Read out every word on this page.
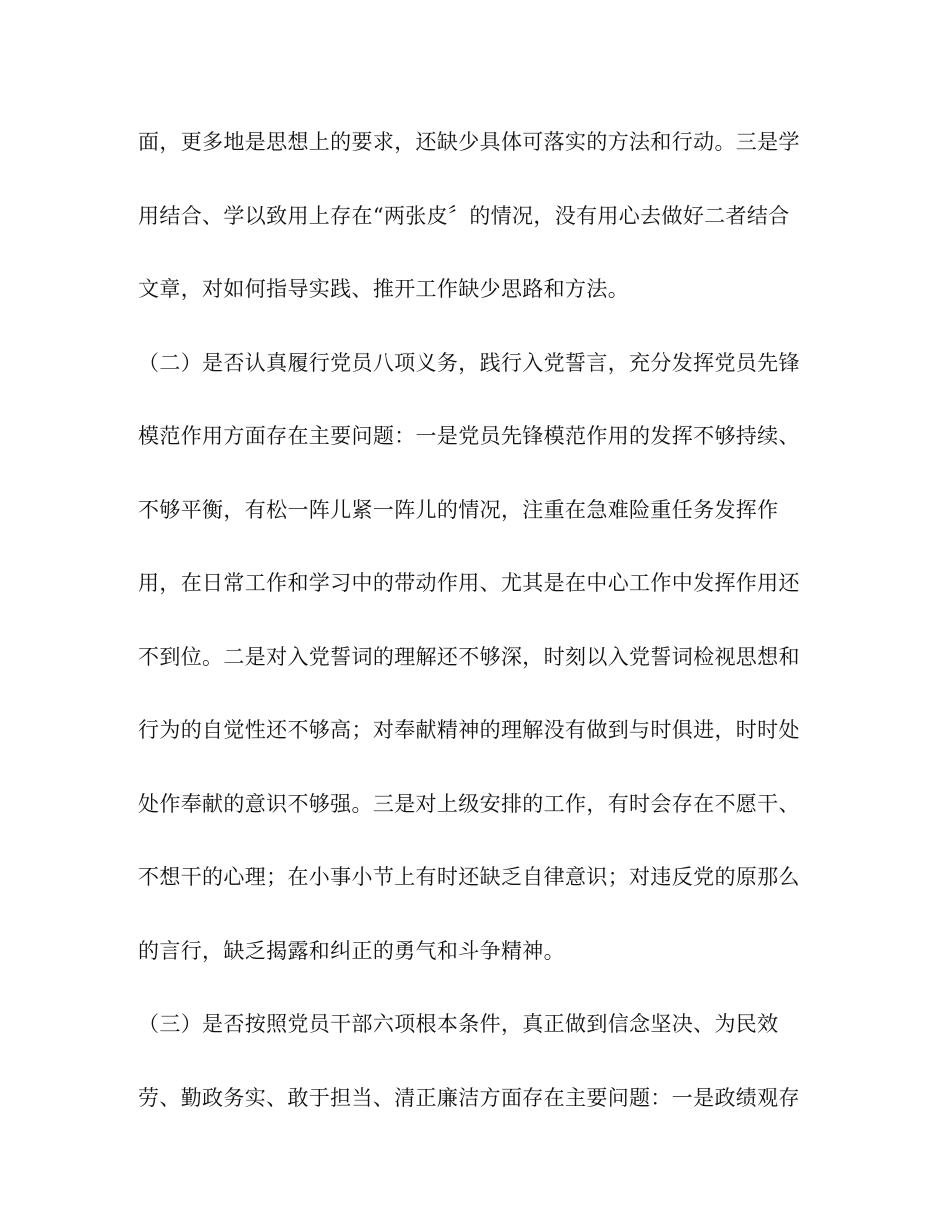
面，更多地是思想上的要求，还缺少具体可落实的方法和行动。三是学
用结合、学以致用上存在“两张皮〞的情况，没有用心去做好二者结合
文章，对如何指导实践、推开工作缺少思路和方法。
（二）是否认真履行党员八项义务，践行入党誓言，充分发挥党员先锋
模范作用方面存在主要问题：一是党员先锋模范作用的发挥不够持续、
不够平衡，有松一阵儿紧一阵儿的情况，注重在急难险重任务发挥作
用，在日常工作和学习中的带动作用、尤其是在中心工作中发挥作用还
不到位。二是对入党誓词的理解还不够深，时刻以入党誓词检视思想和
行为的自觉性还不够高；对奉献精神的理解没有做到与时俱进，时时处
处作奉献的意识不够强。三是对上级安排的工作，有时会存在不愿干、
不想干的心理；在小事小节上有时还缺乏自律意识；对违反党的原那么
的言行，缺乏揭露和纠正的勇气和斗争精神。
（三）是否按照党员干部六项根本条件，真正做到信念坚决、为民效
劳、勤政务实、敢于担当、清正廉洁方面存在主要问题：一是政绩观存
